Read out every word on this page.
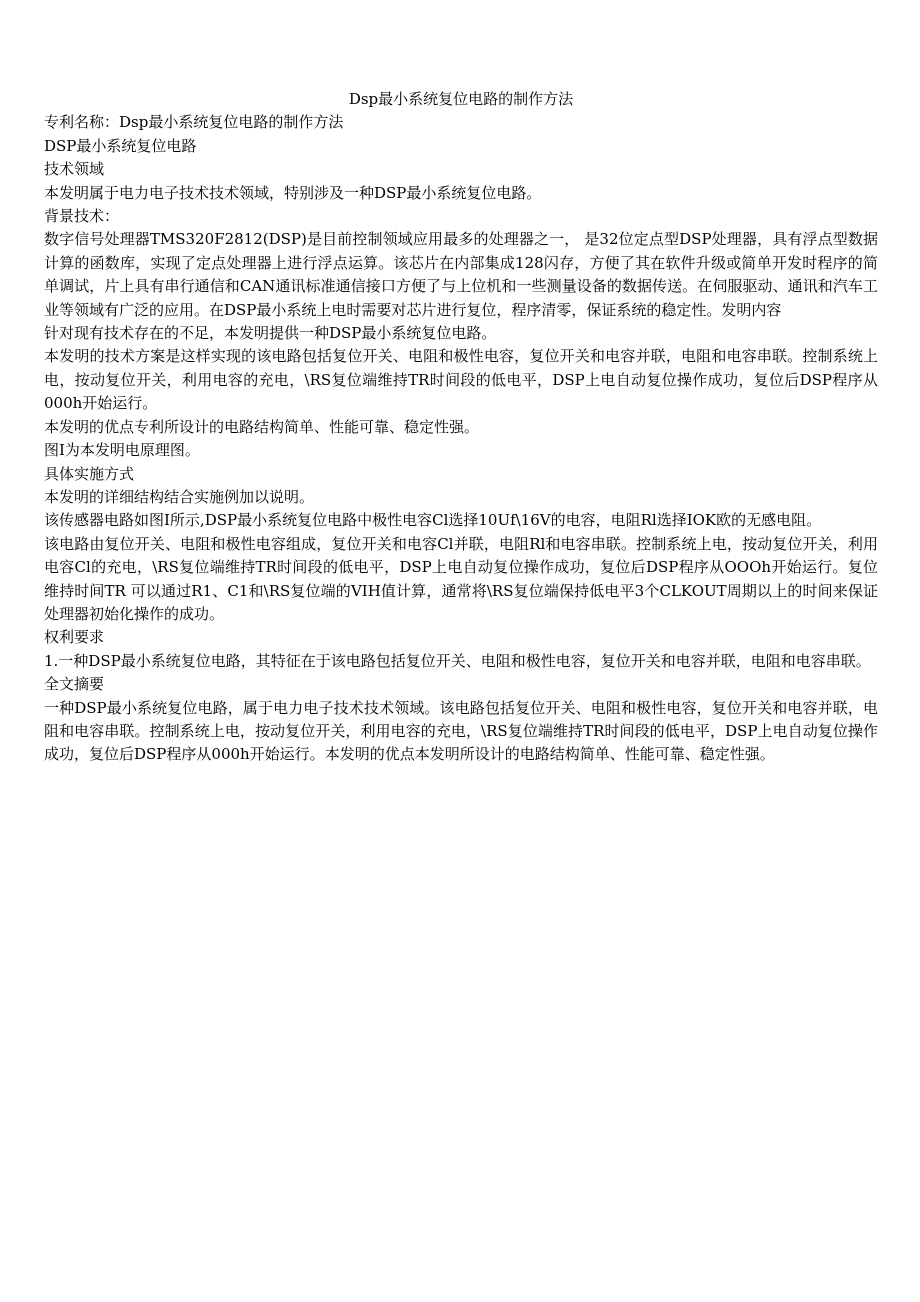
Dsp最小系统复位电路的制作方法

专利名称：Dsp最小系统复位电路的制作方法

DSP最小系统复位电路

技术领域

本发明属于电力电子技术技术领域，特别涉及一种DSP最小系统复位电路。

背景技术：

数字信号处理器TMS320F2812(DSP)是目前控制领域应用最多的处理器之一， 是32位定点型DSP处理器，具有浮点型数据计算的函数库，实现了定点处理器上进行浮点运算。该芯片在内部集成128闪存，方便了其在软件升级或简单开发时程序的简单调试，片上具有串行通信和CAN通讯标准通信接口方便了与上位机和一些测量设备的数据传送。在伺服驱动、通讯和汽车工业等领域有广泛的应用。在DSP最小系统上电时需要对芯片进行复位，程序清零，保证系统的稳定性。发明内容

针对现有技术存在的不足，本发明提供一种DSP最小系统复位电路。

本发明的技术方案是这样实现的该电路包括复位开关、电阻和极性电容，复位开关和电容并联，电阻和电容串联。控制系统上电，按动复位开关，利用电容的充电，\RS复位端维持TR时间段的低电平，DSP上电自动复位操作成功，复位后DSP程序从000h开始运行。

本发明的优点专利所设计的电路结构简单、性能可靠、稳定性强。

图I为本发明电原理图。

具体实施方式

本发明的详细结构结合实施例加以说明。

该传感器电路如图I所示,DSP最小系统复位电路中极性电容Cl选择10Uf\16V的电容，电阻Rl选择IOK欧的无感电阻。

该电路由复位开关、电阻和极性电容组成，复位开关和电容Cl并联，电阻Rl和电容串联。控制系统上电，按动复位开关，利用电容Cl的充电，\RS复位端维持TR时间段的低电平，DSP上电自动复位操作成功，复位后DSP程序从OOOh开始运行。复位维持时间TR 可以通过R1、C1和\RS复位端的VIH值计算，通常将\RS复位端保持低电平3个CLKOUT周期以上的时间来保证处理器初始化操作的成功。

权利要求

1.一种DSP最小系统复位电路，其特征在于该电路包括复位开关、电阻和极性电容，复位开关和电容并联，电阻和电容串联。

全文摘要

一种DSP最小系统复位电路，属于电力电子技术技术领域。该电路包括复位开关、电阻和极性电容，复位开关和电容并联，电阻和电容串联。控制系统上电，按动复位开关，利用电容的充电，\RS复位端维持TR时间段的低电平，DSP上电自动复位操作成功，复位后DSP程序从000h开始运行。本发明的优点本发明所设计的电路结构简单、性能可靠、稳定性强。
